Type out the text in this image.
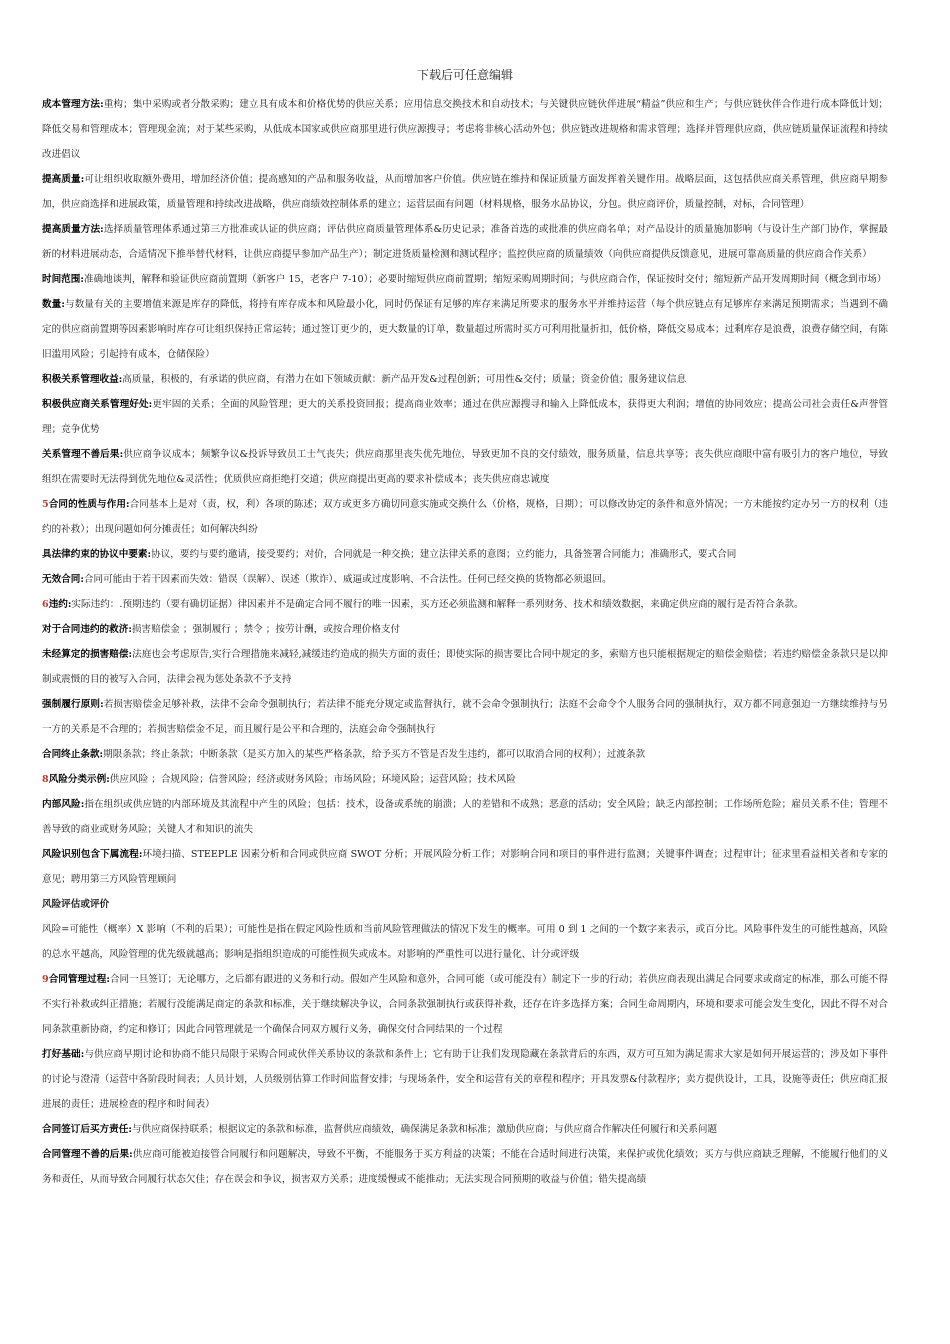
下载后可任意编辑

成本管理方法:重构；集中采购或者分散采购；建立具有成本和价格优势的供应关系；应用信息交换技术和自动技术；与关键供应链伙伴进展“精益”供应和生产；与供应链伙伴合作进行成本降低计划；降低交易和管理成本；管理现金流；对于某些采购，从低成本国家或供应商那里进行供应源搜寻；考虑将非核心活动外包；供应链改进规格和需求管理；选择并管理供应商，供应链质量保证流程和持续改进倡议

提高质量:可让组织收取额外费用，增加经济价值；提高感知的产品和服务收益，从而增加客户价值。供应链在维持和保证质量方面发挥着关键作用。战略层面，这包括供应商关系管理，供应商早期参加，供应商选择和进展政策，质量管理和持续改进战略，供应商绩效控制体系的建立；运营层面有问题（材料规格，服务水品协议，分包。供应商评价，质量控制，对标，合同管理）

提高质量方法:选择质量管理体系通过第三方批准或认证的供应商；评估供应商质量管理体系&历史记录；准备首选的或批准的供应商名单；对产品设计的质量施加影响（与设计生产部门协作，掌握最新的材料进展动态，合适情况下推举替代材料，让供应商提早参加产品生产）；制定进货质量检测和测试程序；监控供应商的质量绩效（向供应商提供反馈意见，进展可靠高质量的供应商合作关系）

时间范围:准确地谈判，解释和验证供应商前置期（新客户 15，老客户 7-10）；必要时缩短供应商前置期；缩短采购周期时间；与供应商合作，保证按时交付；缩短新产品开发周期时间（概念到市场）

数量:与数量有关的主要增值来源是库存的降低，将持有库存成本和风险最小化，同时仍保证有足够的库存来满足所要求的服务水平并维持运营（每个供应链点有足够库存来满足预期需求；当遇到不确定的供应商前置期等因素影响时库存可让组织保持正常运转；通过签订更少的，更大数量的订单，数量超过所需时买方可利用批量折扣，低价格，降低交易成本；过剩库存是浪费，浪费存储空间，有陈旧滥用风险；引起持有成本，仓储保险）

积极关系管理收益:高质量，积极的，有承诺的供应商，有潜力在如下领域贡献：新产品开发&过程创新；可用性&交付；质量；资金价值；服务建议信息

积极供应商关系管理好处:更牢固的关系；全面的风险管理；更大的关系投资回报；提高商业效率；通过在供应源搜寻和输入上降低成本，获得更大利润；增值的协同效应；提高公司社会责任&声誉管理；竞争优势

关系管理不善后果:供应商争议成本；频繁争议&投诉导致员工士气丧失；供应商那里丧失优先地位，导致更加不良的交付绩效，服务质量，信息共享等；丧失供应商眼中富有吸引力的客户地位，导致组织在需要时无法得到优先地位&灵活性；优质供应商拒绝打交道；供应商提出更高的要求补偿成本；丧失供应商忠诚度

5合同的性质与作用:合同基本上是对（责，权，利）各项的陈述；双方或更多方确切同意实施或交换什么（价格，规格，日期）；可以修改协定的条件和意外情况；一方未能按约定办另一方的权利（违约的补救）；出现问题如何分摊责任；如何解决纠纷

具法律约束的协议中要素:协议，要约与要约邀请，接受要约；对价，合同就是一种交换；建立法律关系的意图；立约能力，具备签署合同能力；准确形式，要式合同

无效合同:合同可能由于若干因素而失效：错误（误解）、误述（欺诈）、威逼或过度影响、不合法性。任何已经交换的货物都必须退回。

6违约:实际违约：.预期违约（要有确切证据）律因素并不是确定合同不履行的唯一因素，买方还必须监测和解释一系列财务、技术和绩效数据，来确定供应商的履行是否符合条款。

对于合同违约的救济:损害赔偿金 ；强制履行 ；禁令 ；按劳计酬，或按合理价格支付

未经算定的损害赔偿:法庭也会考虑原告,实行合理措施来减轻,减缓违约造成的损失方面的责任；即使实际的损害要比合同中规定的多，索赔方也只能根据规定的赔偿金赔偿；若违约赔偿金条款只是以抑制或震慑的目的被写入合同，法律会视为惩处条款不予支持

强制履行原则:若损害赔偿金足够补救，法律不会命令强制执行；若法律不能充分规定或监督执行，就不会命令强制执行；法庭不会命令个人服务合同的强制执行，双方都不同意强迫一方继续维持与另一方的关系是不合理的；若损害赔偿金不足，而且履行是公平和合理的，法庭会命令强制执行

合同终止条款:期限条款；终止条款；中断条款（是买方加入的某些严格条款，给予买方不管是否发生违约，都可以取消合同的权利）；过渡条款

8风险分类示例:供应风险 ；合规风险；信誉风险；经济或财务风险；市场风险；环境风险；运营风险；技术风险

内部风险:指在组织或供应链的内部环境及其流程中产生的风险；包括：技术，设备或系统的崩溃；人的差错和不成熟；恶意的活动；安全风险；缺乏内部控制；工作场所危险；雇员关系不佳；管理不善导致的商业或财务风险；关键人才和知识的流失

风险识别包含下属流程:环境扫描、STEEPLE 因素分析和合同或供应商 SWOT 分析；开展风险分析工作；对影响合同和项目的事件进行监测；关键事件调查；过程审计；征求里看益相关者和专家的意见；聘用第三方风险管理顾问

风险评估或评价

风险=可能性（概率）X 影响（不利的后果）；可能性是指在假定风险性质和当前风险管理做法的情况下发生的概率。可用 0 到 1 之间的一个数字来表示，或百分比。风险事件发生的可能性越高，风险的总水平越高，风险管理的优先级就越高；影响是指组织造成的可能性损失或成本。对影响的严重性可以进行量化、计分或评级

9合同管理过程:合同一旦签订；无论哪方，之后都有跟进的义务和行动。假如产生风险和意外，合同可能（或可能没有）制定下一步的行动；若供应商表现出满足合同要求或商定的标准，那么可能不得不实行补救或纠正措施；若履行没能满足商定的条款和标准，关于继续解决争议，合同条款强制执行或获得补救，还存在许多选择方案；合同生命周期内，环境和要求可能会发生变化，因此不得不对合同条款重新协商，约定和修订；因此合同管理就是一个确保合同双方履行义务，确保交付合同结果的一个过程

打好基础:与供应商早期讨论和协商不能只局限于采购合同或伙伴关系协议的条款和条件上；它有助于让我们发现隐藏在条款背后的东西，双方可互知为满足需求大家是如何开展运营的；涉及如下事件的讨论与澄清（运营中各阶段时间表；人员计划，人员级别估算工作时间监督安排；与现场条件，安全和运营有关的章程和程序；开具发票&付款程序；卖方提供设计，工具，设施等责任；供应商汇报进展的责任；进展检查的程序和时间表）

合同签订后买方责任:与供应商保持联系；根据议定的条款和标准，监督供应商绩效，确保满足条款和标准；激励供应商；与供应商合作解决任何履行和关系问题

合同管理不善的后果:供应商可能被迫接管合同履行和问题解决，导致不平衡，不能服务于买方利益的决策；不能在合适时间进行决策，来保护或优化绩效；买方与供应商缺乏理解，不能履行他们的义务和责任，从而导致合同履行状态欠佳；存在误会和争议，损害双方关系；进度缓慢或不能推动；无法实现合同预期的收益与价值；错失提高绩
